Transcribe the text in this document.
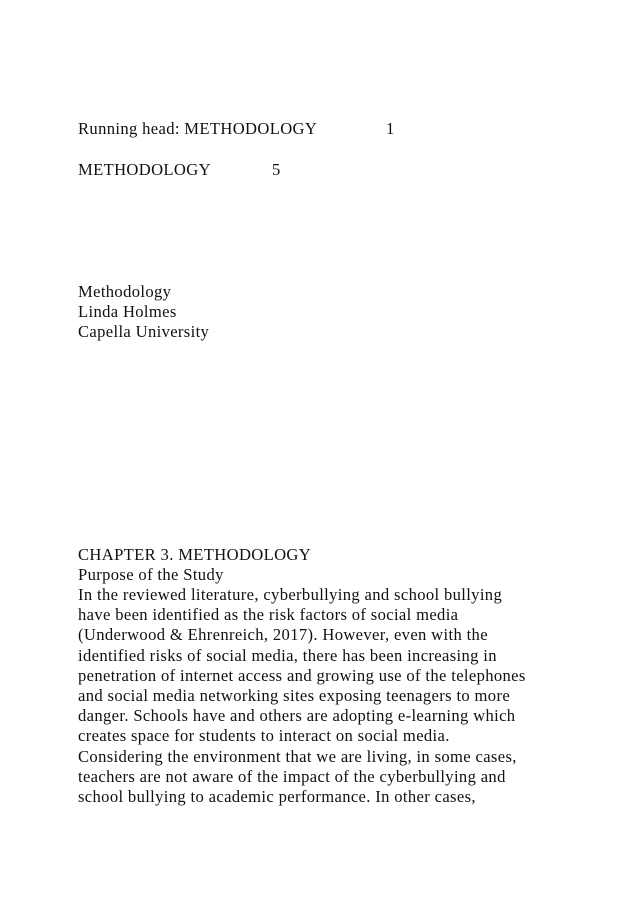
Running head: METHODOLOGY	1
METHODOLOGY	5
Methodology
Linda Holmes
Capella University
CHAPTER 3. METHODOLOGY
Purpose of the Study
In the reviewed literature, cyberbullying and school bullying
have been identified as the risk factors of social media
(Underwood & Ehrenreich, 2017). However, even with the
identified risks of social media, there has been increasing in
penetration of internet access and growing use of the telephones
and social media networking sites exposing teenagers to more
danger. Schools have and others are adopting e-learning which
creates space for students to interact on social media.
Considering the environment that we are living, in some cases,
teachers are not aware of the impact of the cyberbullying and
school bullying to academic performance. In other cases,
